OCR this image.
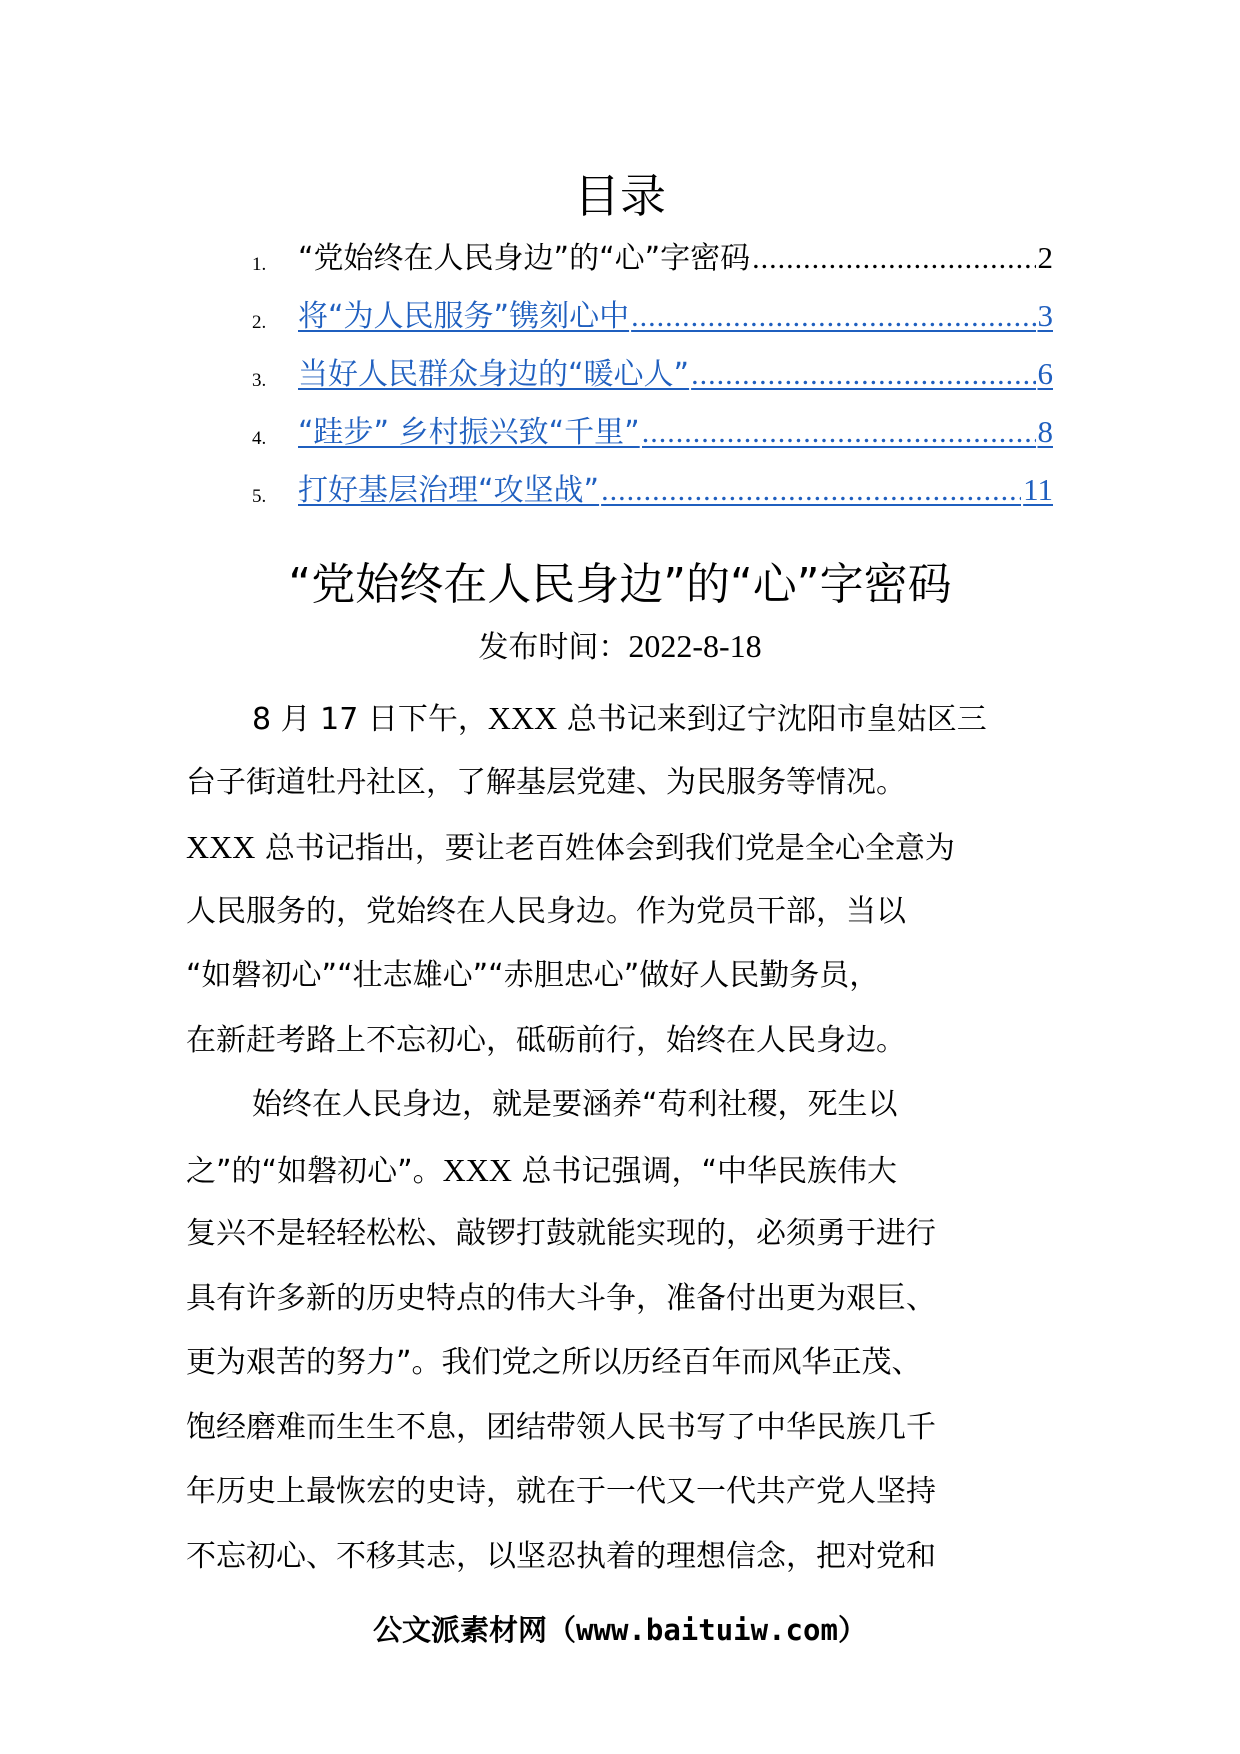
目录
1. “党始终在人民身边”的“心”字密码 .....	2
2. 将“为人民服务”镌刻心中 .....	3
3. 当好人民群众身边的“暖心人” .....	6
4. “跬步” 乡村振兴致“千里” .....	8
5. 打好基层治理“攻坚战” .....	11
“党始终在人民身边”的“心”字密码
发布时间：2022-8-18
8 月 17 日下午，XXX 总书记来到辽宁沈阳市皇姑区三
台子街道牡丹社区，了解基层党建、为民服务等情况。
XXX 总书记指出，要让老百姓体会到我们党是全心全意为
人民服务的，党始终在人民身边。作为党员干部，当以
“如磐初心”“壮志雄心”“赤胆忠心”做好人民勤务员，
在新赶考路上不忘初心，砥砺前行，始终在人民身边。
始终在人民身边，就是要涵养“苟利社稷，死生以
之”的“如磐初心”。XXX 总书记强调，“中华民族伟大
复兴不是轻轻松松、敲锣打鼓就能实现的，必须勇于进行
具有许多新的历史特点的伟大斗争，准备付出更为艰巨、
更为艰苦的努力”。我们党之所以历经百年而风华正茂、
饱经磨难而生生不息，团结带领人民书写了中华民族几千
年历史上最恢宏的史诗，就在于一代又一代共产党人坚持
不忘初心、不移其志，以坚忍执着的理想信念，把对党和
公文派素材网（www.baituiw.com）
